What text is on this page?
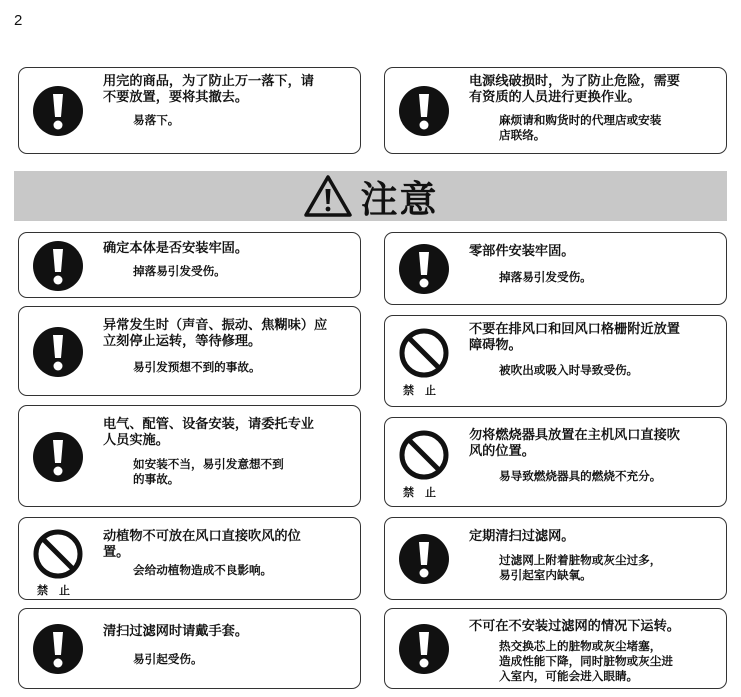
2
用完的商品，为了防止万一落下，请
不要放置，要将其撤去。
易落下。
电源线破损时，为了防止危险，需要
有资质的人员进行更换作业。
麻烦请和购货时的代理店或安装
店联络。
注意
确定本体是否安装牢固。
掉落易引发受伤。
异常发生时（声音、振动、焦糊味）应
立刻停止运转，等待修理。
易引发预想不到的事故。
电气、配管、设备安装，请委托专业
人员实施。
如安装不当，易引发意想不到
的事故。
禁止
动植物不可放在风口直接吹风的位
置。
会给动植物造成不良影响。
清扫过滤网时请戴手套。
易引起受伤。
零部件安装牢固。
掉落易引发受伤。
禁止
不要在排风口和回风口格栅附近放置
障碍物。
被吹出或吸入时导致受伤。
禁止
勿将燃烧器具放置在主机风口直接吹
风的位置。
易导致燃烧器具的燃烧不充分。
定期清扫过滤网。
过滤网上附着脏物或灰尘过多，
易引起室内缺氧。
不可在不安装过滤网的情况下运转。
热交换芯上的脏物或灰尘堵塞，
造成性能下降，同时脏物或灰尘进
入室内，可能会进入眼睛。
